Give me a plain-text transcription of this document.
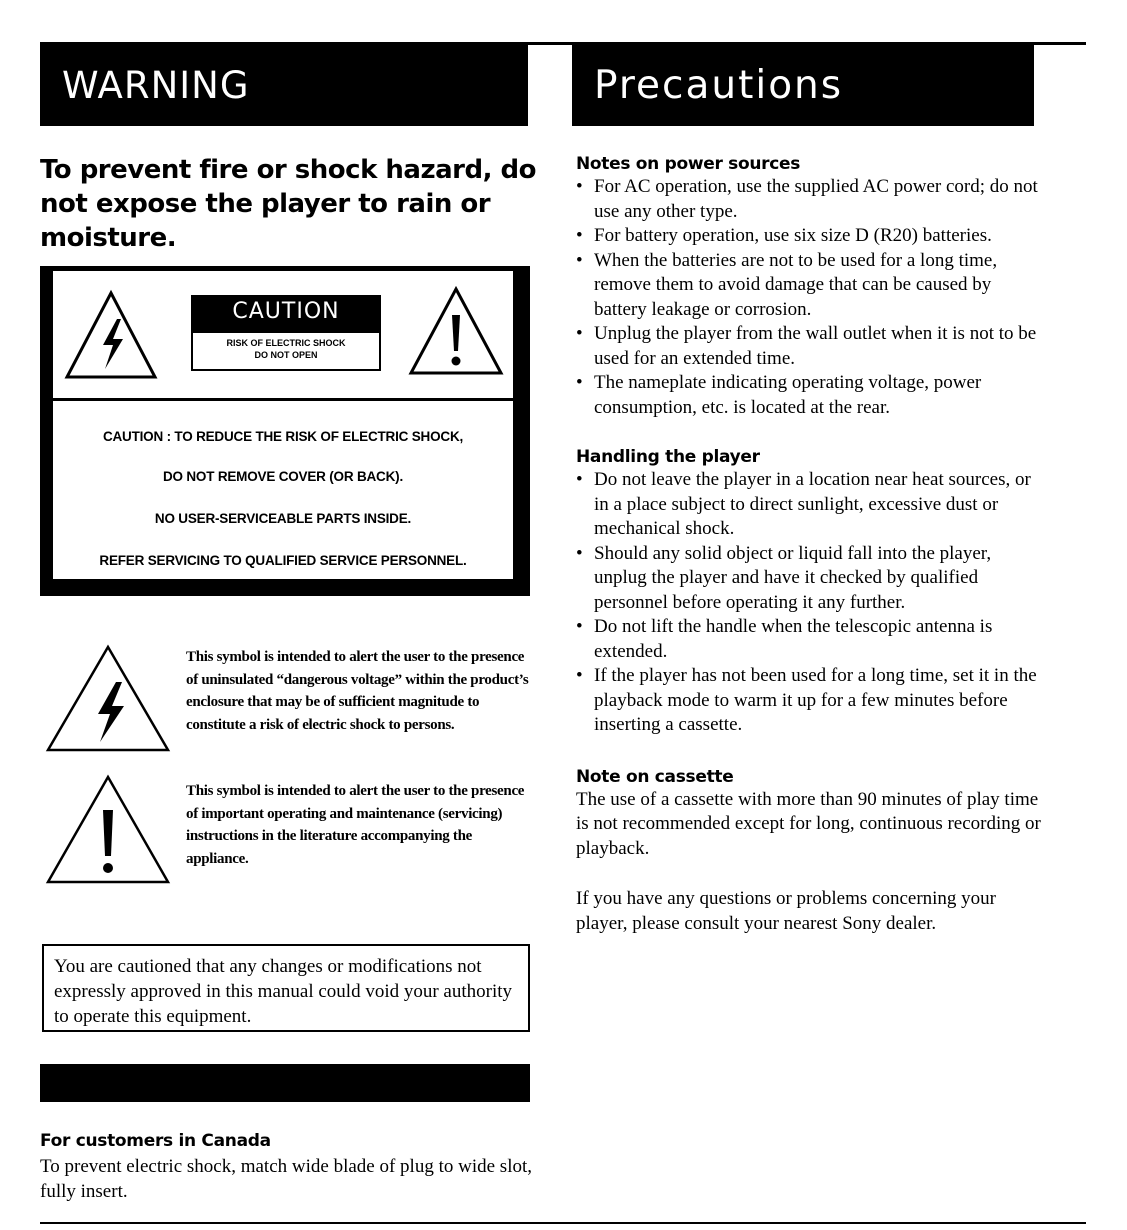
WARNING	Precautions
To prevent fire or shock hazard, do not expose the player to rain or moisture.
CAUTION
RISK OF ELECTRIC SHOCK
DO NOT OPEN
CAUTION : TO REDUCE THE RISK OF ELECTRIC SHOCK,
DO NOT REMOVE COVER (OR BACK).
NO USER-SERVICEABLE PARTS INSIDE.
REFER SERVICING TO QUALIFIED SERVICE PERSONNEL.
This symbol is intended to alert the user to the presence of uninsulated “dangerous voltage” within the product’s enclosure that may be of sufficient magnitude to constitute a risk of electric shock to persons.
This symbol is intended to alert the user to the presence of important operating and maintenance (servicing) instructions in the literature accompanying the appliance.
You are cautioned that any changes or modifications not expressly approved in this manual could void your authority to operate this equipment.
For customers in Canada
To prevent electric shock, match wide blade of plug to wide slot, fully insert.
Notes on power sources
• For AC operation, use the supplied AC power cord; do not use any other type.
• For battery operation, use six size D (R20) batteries.
• When the batteries are not to be used for a long time, remove them to avoid damage that can be caused by battery leakage or corrosion.
• Unplug the player from the wall outlet when it is not to be used for an extended time.
• The nameplate indicating operating voltage, power consumption, etc. is located at the rear.
Handling the player
• Do not leave the player in a location near heat sources, or in a place subject to direct sunlight, excessive dust or mechanical shock.
• Should any solid object or liquid fall into the player, unplug the player and have it checked by qualified personnel before operating it any further.
• Do not lift the handle when the telescopic antenna is extended.
• If the player has not been used for a long time, set it in the playback mode to warm it up for a few minutes before inserting a cassette.
Note on cassette
The use of a cassette with more than 90 minutes of play time is not recommended except for long, continuous recording or playback.
If you have any questions or problems concerning your player, please consult your nearest Sony dealer.
